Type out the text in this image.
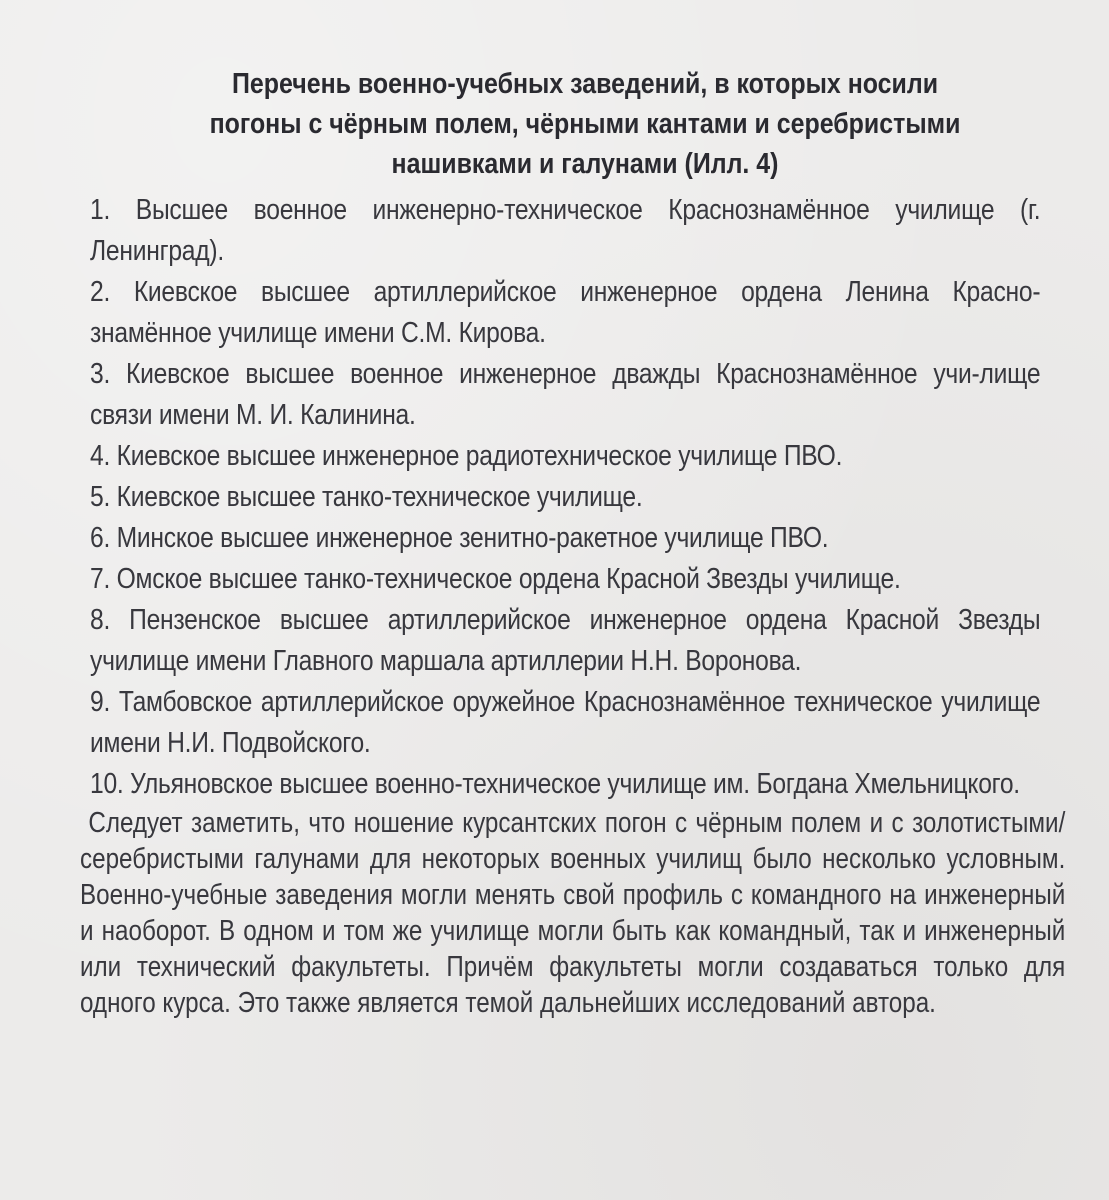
Перечень военно-учебных заведений, в которых носили
погоны с чёрным полем, чёрными кантами и серебристыми
нашивками и галунами (Илл. 4)
1. Высшее военное инженерно-техническое Краснознамённое училище (г. Ленинград).
2. Киевское высшее артиллерийское инженерное ордена Ленина Красно-знамённое училище имени С.М. Кирова.
3. Киевское высшее военное инженерное дважды Краснознамённое учи-лище связи имени М. И. Калинина.
4. Киевское высшее инженерное радиотехническое училище ПВО.
5. Киевское высшее танко-техническое училище.
6. Минское высшее инженерное зенитно-ракетное училище ПВО.
7. Омское высшее танко-техническое ордена Красной Звезды училище.
8. Пензенское высшее артиллерийское инженерное ордена Красной Звезды училище имени Главного маршала артиллерии Н.Н. Воронова.
9. Тамбовское артиллерийское оружейное Краснознамённое техническое училище имени Н.И. Подвойского.
10. Ульяновское высшее военно-техническое училище им. Богдана Хмельницкого.

Следует заметить, что ношение курсантских погон с чёрным полем и с золотистыми/серебристыми галунами для некоторых военных училищ было несколько условным. Военно-учебные заведения могли менять свой профиль с командного на инженерный и наоборот. В одном и том же училище могли быть как командный, так и инженерный или технический факультеты. Причём факультеты могли создаваться только для одного курса. Это также является темой дальнейших исследований автора.
